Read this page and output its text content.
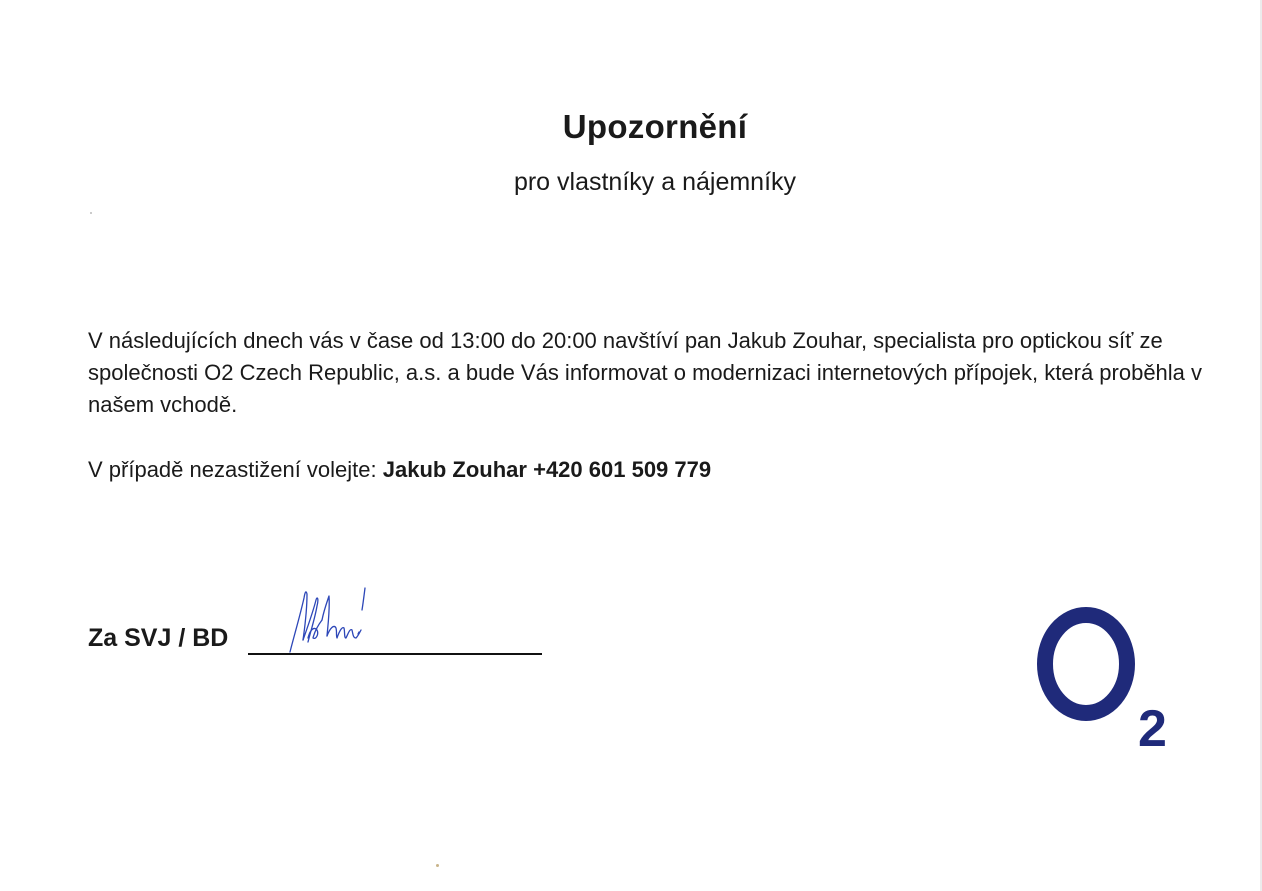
Upozornění
pro vlastníky a nájemníky

V následujících dnech vás v čase od 13:00 do 20:00 navštíví pan Jakub Zouhar, specialista pro optickou síť ze společnosti O2 Czech Republic, a.s. a bude Vás informovat o modernizaci internetových přípojek, která proběhla v našem vchodě.

V případě nezastižení volejte: Jakub Zouhar +420 601 509 779
Za SVJ / BD
2
